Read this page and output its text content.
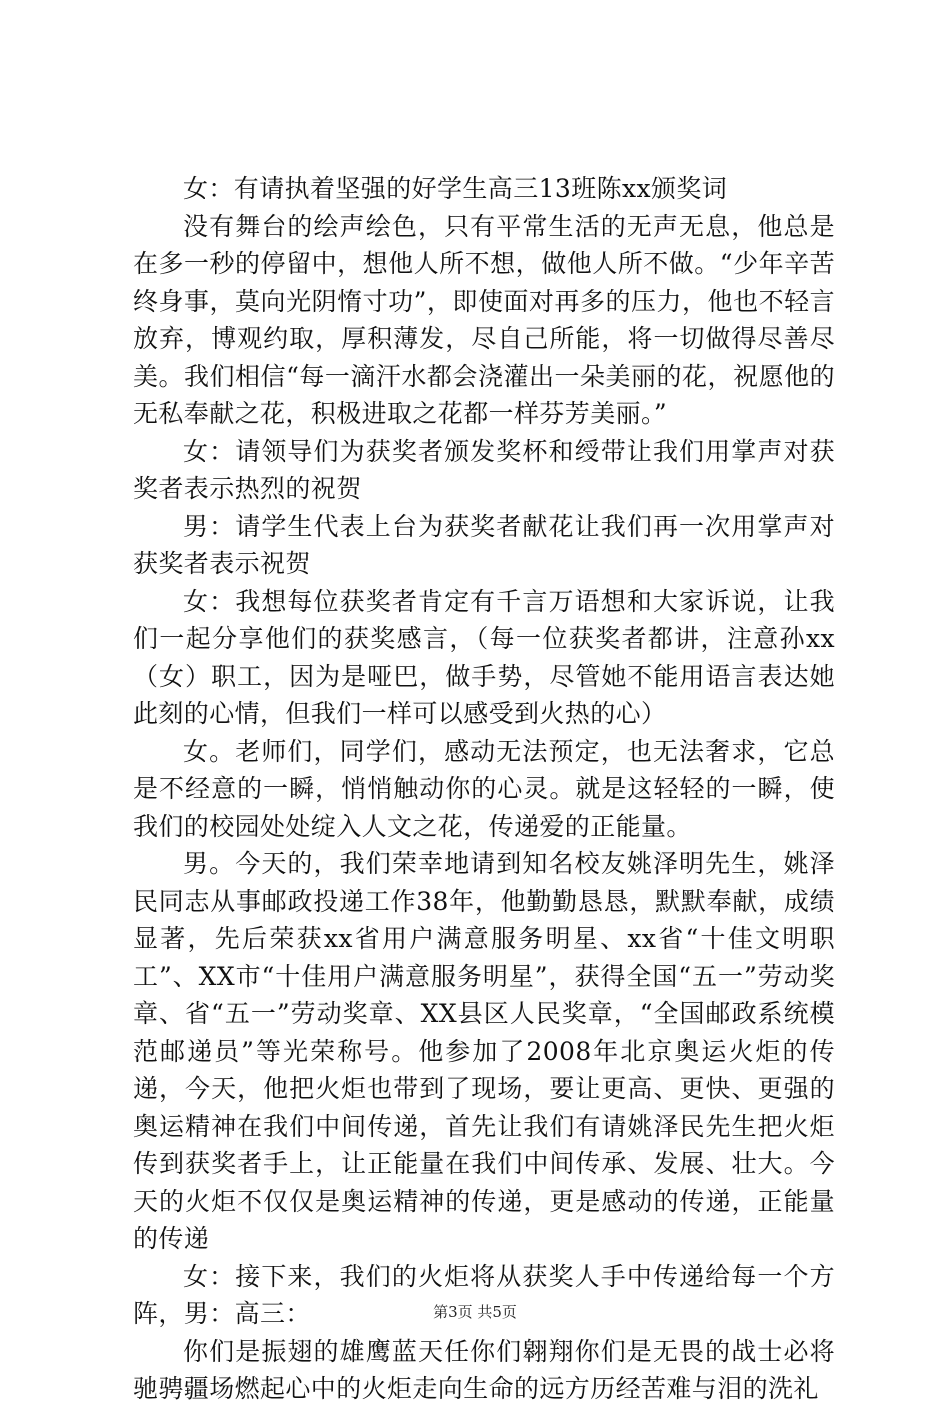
女：有请执着坚强的好学生高三13班陈xx颁奖词

没有舞台的绘声绘色，只有平常生活的无声无息，他总是在多一秒的停留中，想他人所不想，做他人所不做。“少年辛苦终身事，莫向光阴惰寸功”，即使面对再多的压力，他也不轻言放弃，博观约取，厚积薄发，尽自己所能，将一切做得尽善尽美。我们相信“每一滴汗水都会浇灌出一朵美丽的花，祝愿他的无私奉献之花，积极进取之花都一样芬芳美丽。”

女：请领导们为获奖者颁发奖杯和绶带让我们用掌声对获奖者表示热烈的祝贺

男：请学生代表上台为获奖者献花让我们再一次用掌声对获奖者表示祝贺

女：我想每位获奖者肯定有千言万语想和大家诉说，让我们一起分享他们的获奖感言，（每一位获奖者都讲，注意孙xx（女）职工，因为是哑巴，做手势，尽管她不能用语言表达她此刻的心情，但我们一样可以感受到火热的心）

女。老师们，同学们，感动无法预定，也无法奢求，它总是不经意的一瞬，悄悄触动你的心灵。就是这轻轻的一瞬，使我们的校园处处绽入人文之花，传递爱的正能量。

男。今天的，我们荣幸地请到知名校友姚泽明先生，姚泽民同志从事邮政投递工作38年，他勤勤恳恳，默默奉献，成绩显著，先后荣获xx省用户满意服务明星、xx省“十佳文明职工”、XX市“十佳用户满意服务明星”，获得全国“五一”劳动奖章、省“五一”劳动奖章、XX县区人民奖章，“全国邮政系统模范邮递员”等光荣称号。他参加了2008年北京奥运火炬的传递，今天，他把火炬也带到了现场，要让更高、更快、更强的奥运精神在我们中间传递，首先让我们有请姚泽民先生把火炬传到获奖者手上，让正能量在我们中间传承、发展、壮大。今天的火炬不仅仅是奥运精神的传递，更是感动的传递，正能量的传递

女：接下来，我们的火炬将从获奖人手中传递给每一个方阵，男：高三：

你们是振翅的雄鹰蓝天任你们翱翔你们是无畏的战士必将驰骋疆场燃起心中的火炬走向生命的远方历经苦难与泪的洗礼

第3页 共5页
